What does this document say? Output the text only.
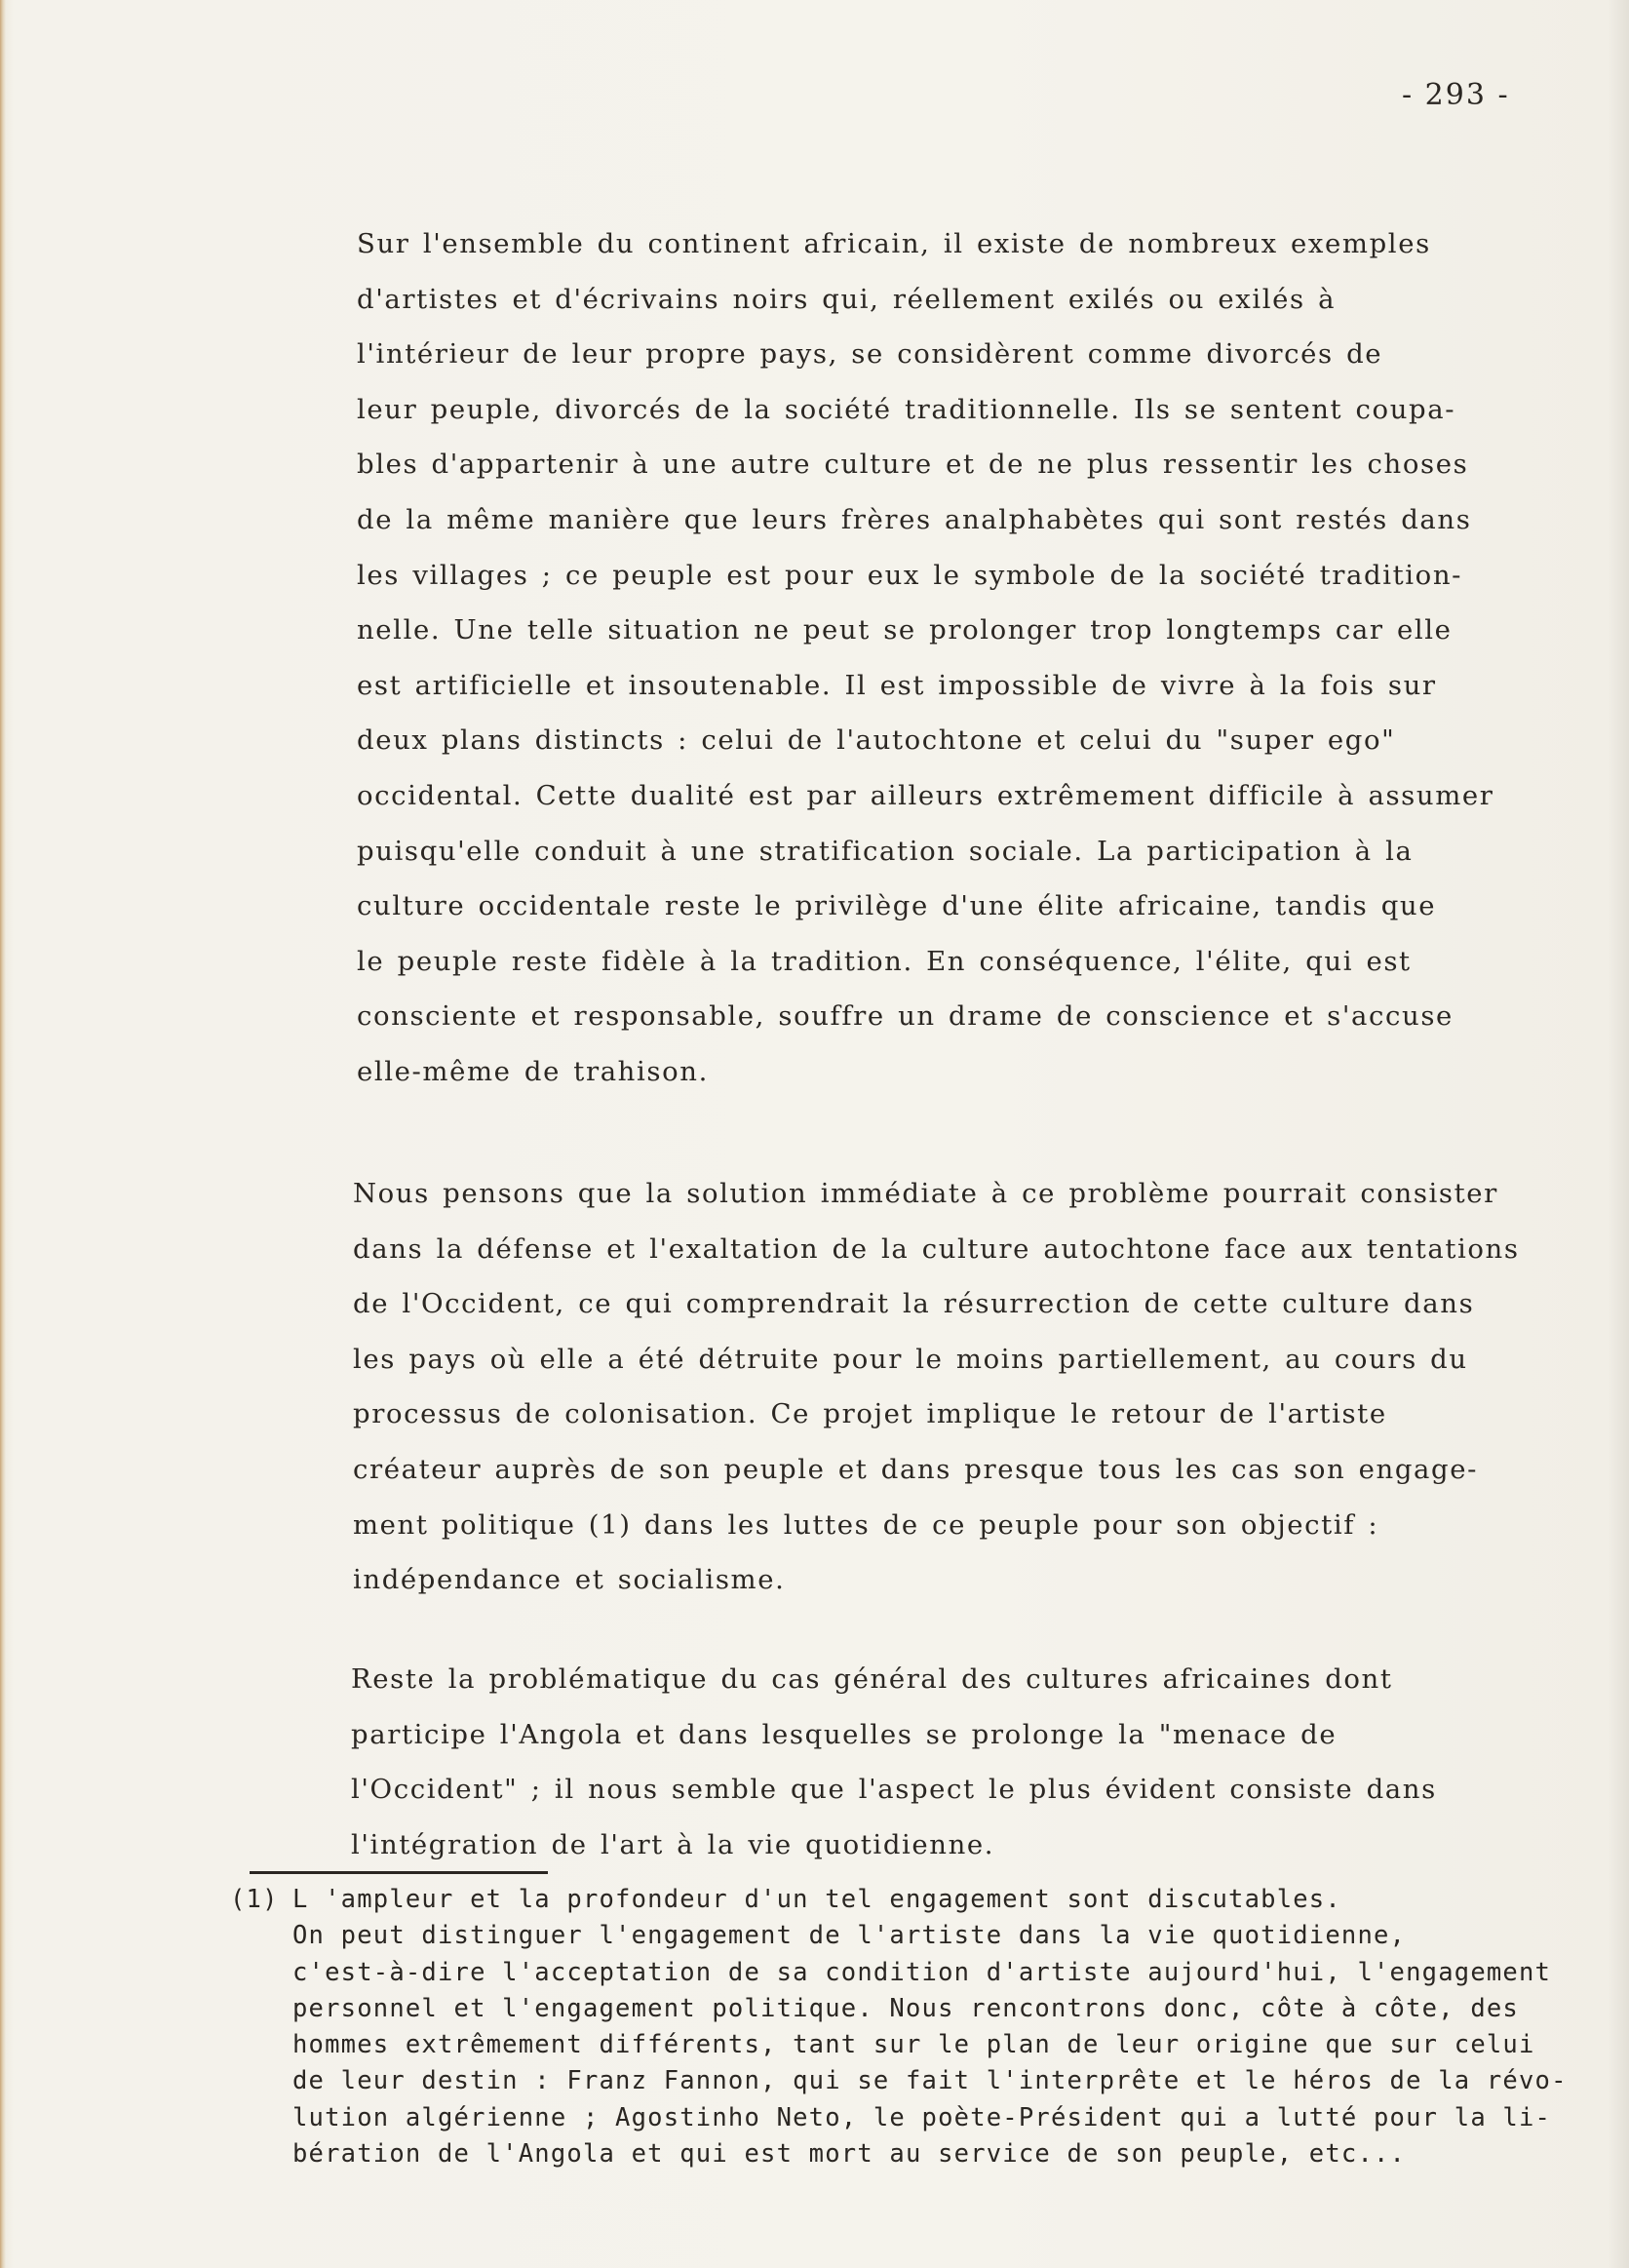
- 293 -
Sur l'ensemble du continent africain, il existe de nombreux exemples
d'artistes et d'écrivains noirs qui, réellement exilés ou exilés à
l'intérieur de leur propre pays, se considèrent comme divorcés de
leur peuple, divorcés de la société traditionnelle. Ils se sentent coupa-
bles d'appartenir à une autre culture et de ne plus ressentir les choses
de la même manière que leurs frères analphabètes qui sont restés dans
les villages ; ce peuple est pour eux le symbole de la société tradition-
nelle. Une telle situation ne peut se prolonger trop longtemps car elle
est artificielle et insoutenable. Il est impossible de vivre à la fois sur
deux plans distincts : celui de l'autochtone et celui du "super ego"
occidental. Cette dualité est par ailleurs extrêmement difficile à assumer
puisqu'elle conduit à une stratification sociale. La participation à la
culture occidentale reste le privilège d'une élite africaine, tandis que
le peuple reste fidèle à la tradition. En conséquence, l'élite, qui est
consciente et responsable, souffre un drame de conscience et s'accuse
elle-même de trahison.
Nous pensons que la solution immédiate à ce problème pourrait consister
dans la défense et l'exaltation de la culture autochtone face aux tentations
de l'Occident, ce qui comprendrait la résurrection de cette culture dans
les pays où elle a été détruite pour le moins partiellement, au cours du
processus de colonisation. Ce projet implique le retour de l'artiste
créateur auprès de son peuple et dans presque tous les cas son engage-
ment politique (1) dans les luttes de ce peuple pour son objectif :
indépendance et socialisme.
Reste la problématique du cas général des cultures africaines dont
participe l'Angola et dans lesquelles se prolonge la "menace de
l'Occident" ; il nous semble que l'aspect le plus évident consiste dans
l'intégration de l'art à la vie quotidienne.
(1) L 'ampleur et la profondeur d'un tel engagement sont discutables.
On peut distinguer l'engagement de l'artiste dans la vie quotidienne,
c'est-à-dire l'acceptation de sa condition d'artiste aujourd'hui, l'engagement
personnel et l'engagement politique. Nous rencontrons donc, côte à côte, des
hommes extrêmement différents, tant sur le plan de leur origine que sur celui
de leur destin : Franz Fannon, qui se fait l'interprête et le héros de la révo-
lution algérienne ; Agostinho Neto, le poète-Président qui a lutté pour la li-
bération de l'Angola et qui est mort au service de son peuple, etc...
